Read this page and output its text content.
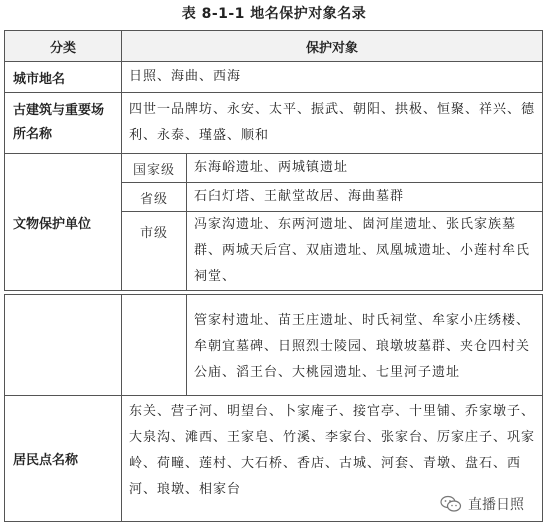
表 8-1-1 地名保护对象名录
分类	保护对象	
城市地名	日照、海曲、西海	
古建筑与重要场
所名称	四世一品牌坊、永安、太平、振武、朝阳、拱极、恒聚、祥兴、德利、永泰、瑾盛、顺和	
文物保护单位	国家级	东海峪遗址、两城镇遗址
	省级	石臼灯塔、王献堂故居、海曲墓群
	市级	冯家沟遗址、东两河遗址、崮河崖遗址、张氏家族墓群、两城天后宫、双庙遗址、凤凰城遗址、小莲村牟氏祠堂、
		管家村遗址、苗王庄遗址、时氏祠堂、牟家小庄绣楼、牟朝宜墓碑、日照烈士陵园、琅墩坡墓群、夹仓四村关公庙、滔王台、大桃园遗址、七里河子遗址
居民点名称	东关、营子河、明望台、卜家庵子、接官亭、十里铺、乔家墩子、大泉沟、滩西、王家皂、竹溪、李家台、张家台、厉家庄子、巩家岭、荷疃、莲村、大石桥、香店、古城、河套、青墩、盘石、西河、琅墩、相家台	
直播日照
